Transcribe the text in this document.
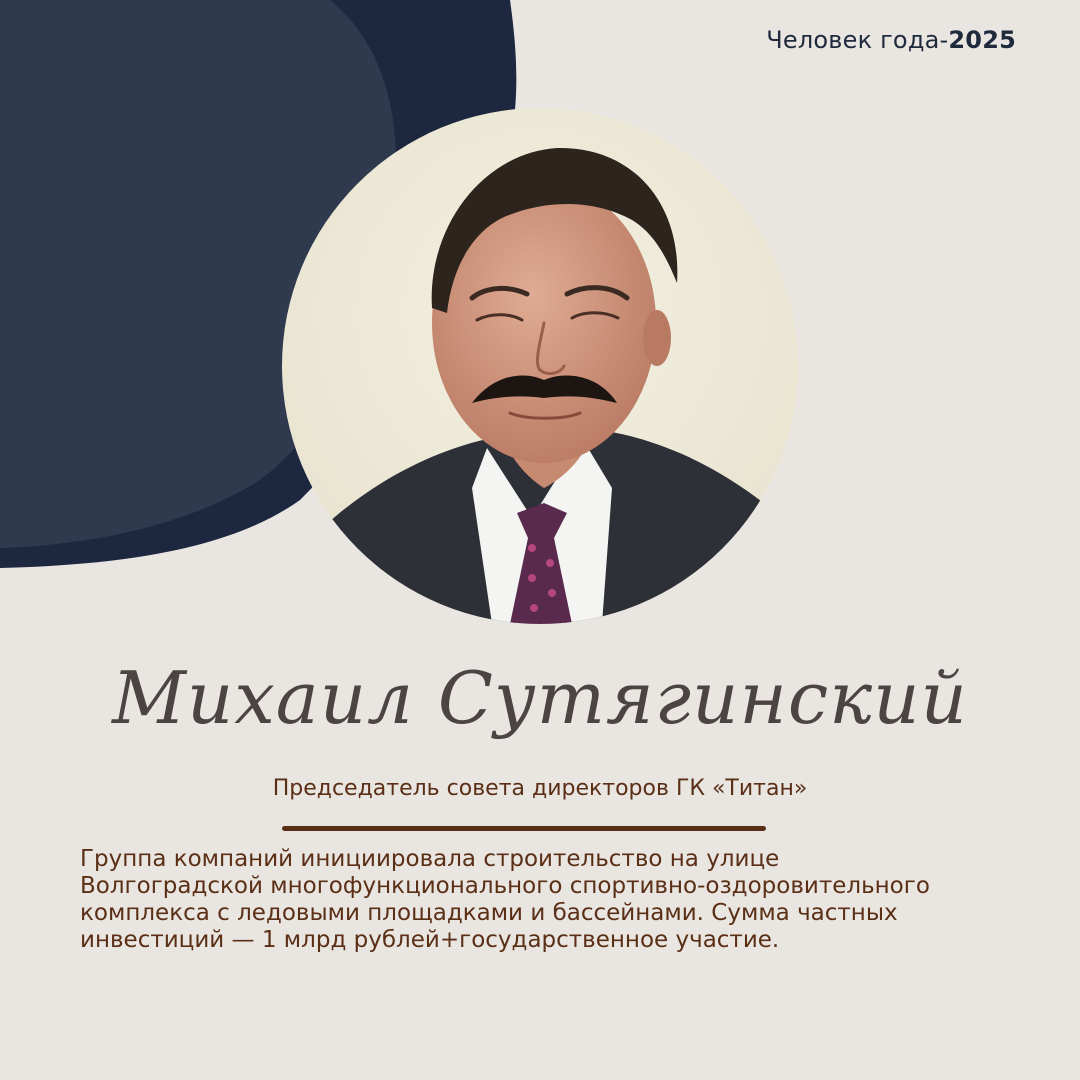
Человек года-2025
Михаил Сутягинский
Председатель совета директоров ГК «Титан»

Группа компаний инициировала строительство на улице Волгоградской многофункционального спортивно-оздоровительного комплекса с ледовыми площадками и бассейнами. Сумма частных инвестиций — 1 млрд рублей+государственное участие.
